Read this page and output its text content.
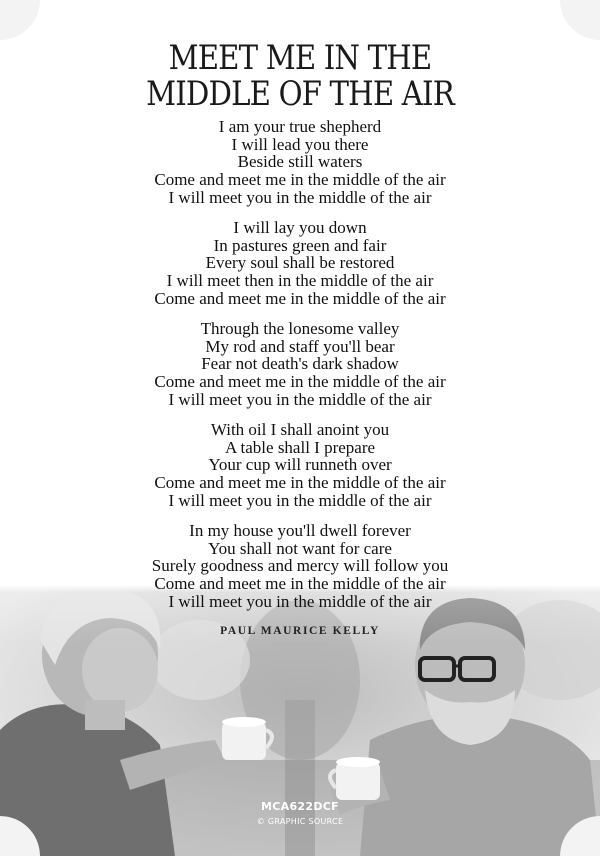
MEET ME IN THE
MIDDLE OF THE AIR
I am your true shepherd
I will lead you there
Beside still waters
Come and meet me in the middle of the air
I will meet you in the middle of the air
I will lay you down
In pastures green and fair
Every soul shall be restored
I will meet then in the middle of the air
Come and meet me in the middle of the air
Through the lonesome valley
My rod and staff you'll bear
Fear not death's dark shadow
Come and meet me in the middle of the air
I will meet you in the middle of the air
With oil I shall anoint you
A table shall I prepare
Your cup will runneth over
Come and meet me in the middle of the air
I will meet you in the middle of the air
In my house you'll dwell forever
You shall not want for care
Surely goodness and mercy will follow you
Come and meet me in the middle of the air
I will meet you in the middle of the air
PAUL MAURICE KELLY
MCA622DCF
© GRAPHIC SOURCE
